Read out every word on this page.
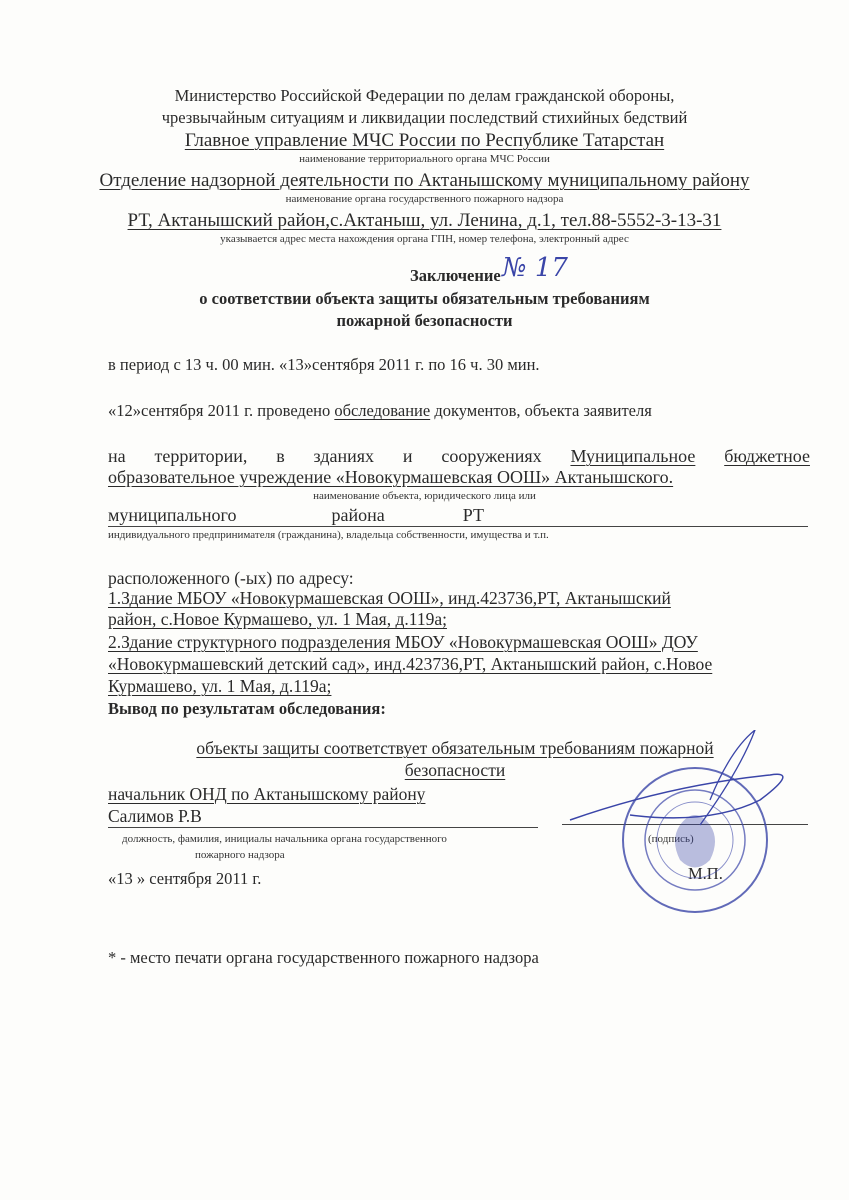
Министерство Российской Федерации по делам гражданской обороны,
чрезвычайным ситуациям и ликвидации последствий стихийных бедствий
Главное управление МЧС России по Республике Татарстан
наименование территориального органа МЧС России
Отделение надзорной деятельности по Актанышскому муниципальному району
наименование органа государственного пожарного надзора
РТ, Актанышский район,с.Актаныш, ул. Ленина, д.1, тел.88-5552-3-13-31
указывается адрес места нахождения органа ГПН, номер телефона, электронный адрес
Заключение № 17
о соответствии объекта защиты обязательным требованиям
пожарной безопасности
в период с 13 ч. 00 мин. «13»сентября 2011 г. по 16 ч. 30 мин.
«12»сентября 2011 г. проведено обследование документов, объекта заявителя
на территории, в зданиях и сооружениях Муниципальное бюджетное
образовательное учреждение «Новокурмашевская ООШ» Актанышского.
наименование объекта, юридического лица или
муниципального	района	РТ
индивидуального предпринимателя (гражданина), владельца собственности, имущества и т.п.
расположенного (-ых) по адресу:
1.Здание МБОУ «Новокурмашевская ООШ», инд.423736,РТ, Актанышский
район, с.Новое Курмашево, ул. 1 Мая, д.119а;
2.Здание структурного подразделения МБОУ «Новокурмашевская ООШ» ДОУ
«Новокурмашевский детский сад», инд.423736,РТ, Актанышский район, с.Новое
Курмашево, ул. 1 Мая, д.119а;
Вывод по результатам обследования:
объекты защиты соответствует обязательным требованиям пожарной
безопасности
начальник ОНД по Актанышскому району
Салимов Р.В
должность, фамилия, инициалы начальника органа государственного
пожарного надзора
(подпись)
«13 » сентября 2011 г.	М.П.
* - место печати органа государственного пожарного надзора
